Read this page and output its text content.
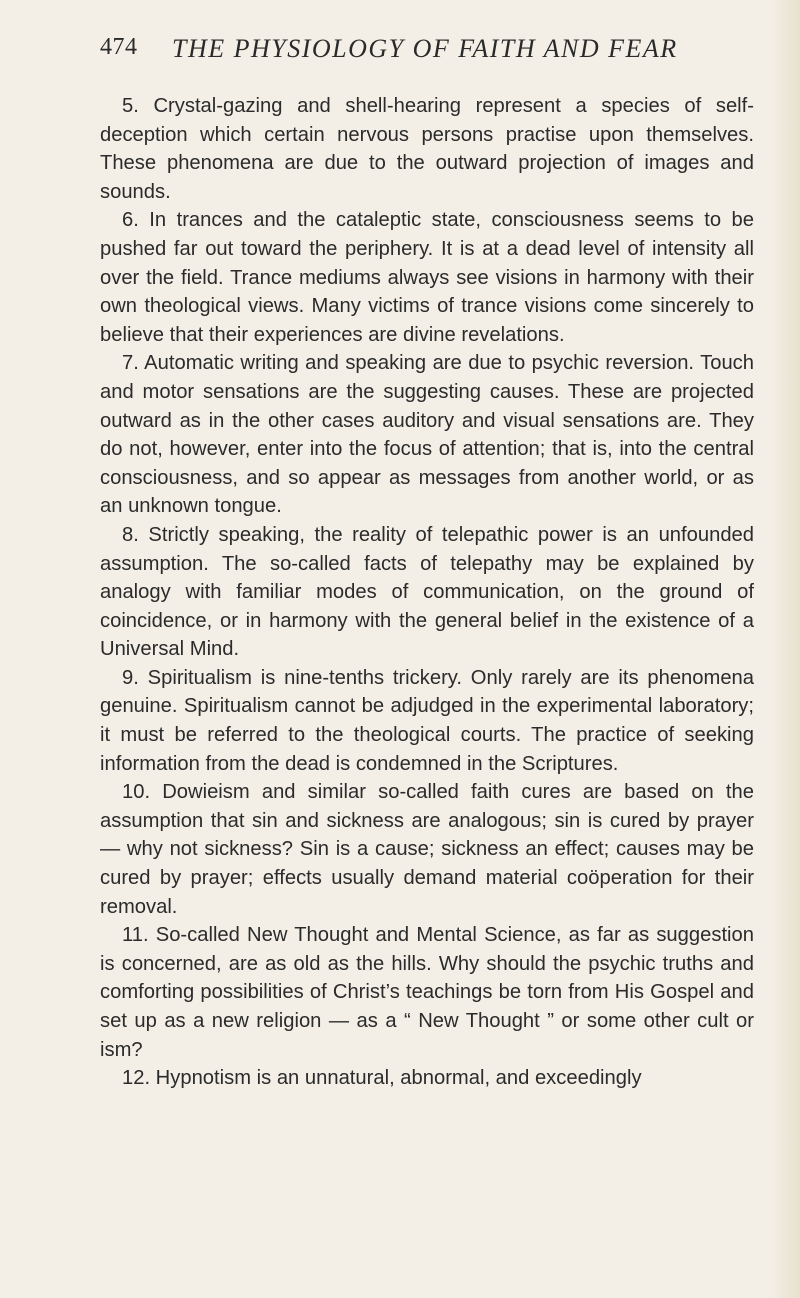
474 THE PHYSIOLOGY OF FAITH AND FEAR

5. Crystal-gazing and shell-hearing represent a species of self-deception which certain nervous persons practise upon themselves. These phenomena are due to the outward projection of images and sounds.

6. In trances and the cataleptic state, consciousness seems to be pushed far out toward the periphery. It is at a dead level of intensity all over the field. Trance mediums always see visions in harmony with their own theological views. Many victims of trance visions come sincerely to believe that their experiences are divine revelations.

7. Automatic writing and speaking are due to psychic reversion. Touch and motor sensations are the suggesting causes. These are projected outward as in the other cases auditory and visual sensations are. They do not, however, enter into the focus of attention; that is, into the central consciousness, and so appear as messages from another world, or as an unknown tongue.

8. Strictly speaking, the reality of telepathic power is an unfounded assumption. The so-called facts of telepathy may be explained by analogy with familiar modes of communication, on the ground of coincidence, or in harmony with the general belief in the existence of a Universal Mind.

9. Spiritualism is nine-tenths trickery. Only rarely are its phenomena genuine. Spiritualism cannot be adjudged in the experimental laboratory; it must be referred to the theological courts. The practice of seeking information from the dead is condemned in the Scriptures.

10. Dowieism and similar so-called faith cures are based on the assumption that sin and sickness are analogous; sin is cured by prayer — why not sickness? Sin is a cause; sickness an effect; causes may be cured by prayer; effects usually demand material coöperation for their removal.

11. So-called New Thought and Mental Science, as far as suggestion is concerned, are as old as the hills. Why should the psychic truths and comforting possibilities of Christ’s teachings be torn from His Gospel and set up as a new religion — as a “ New Thought ” or some other cult or ism?

12. Hypnotism is an unnatural, abnormal, and exceedingly
